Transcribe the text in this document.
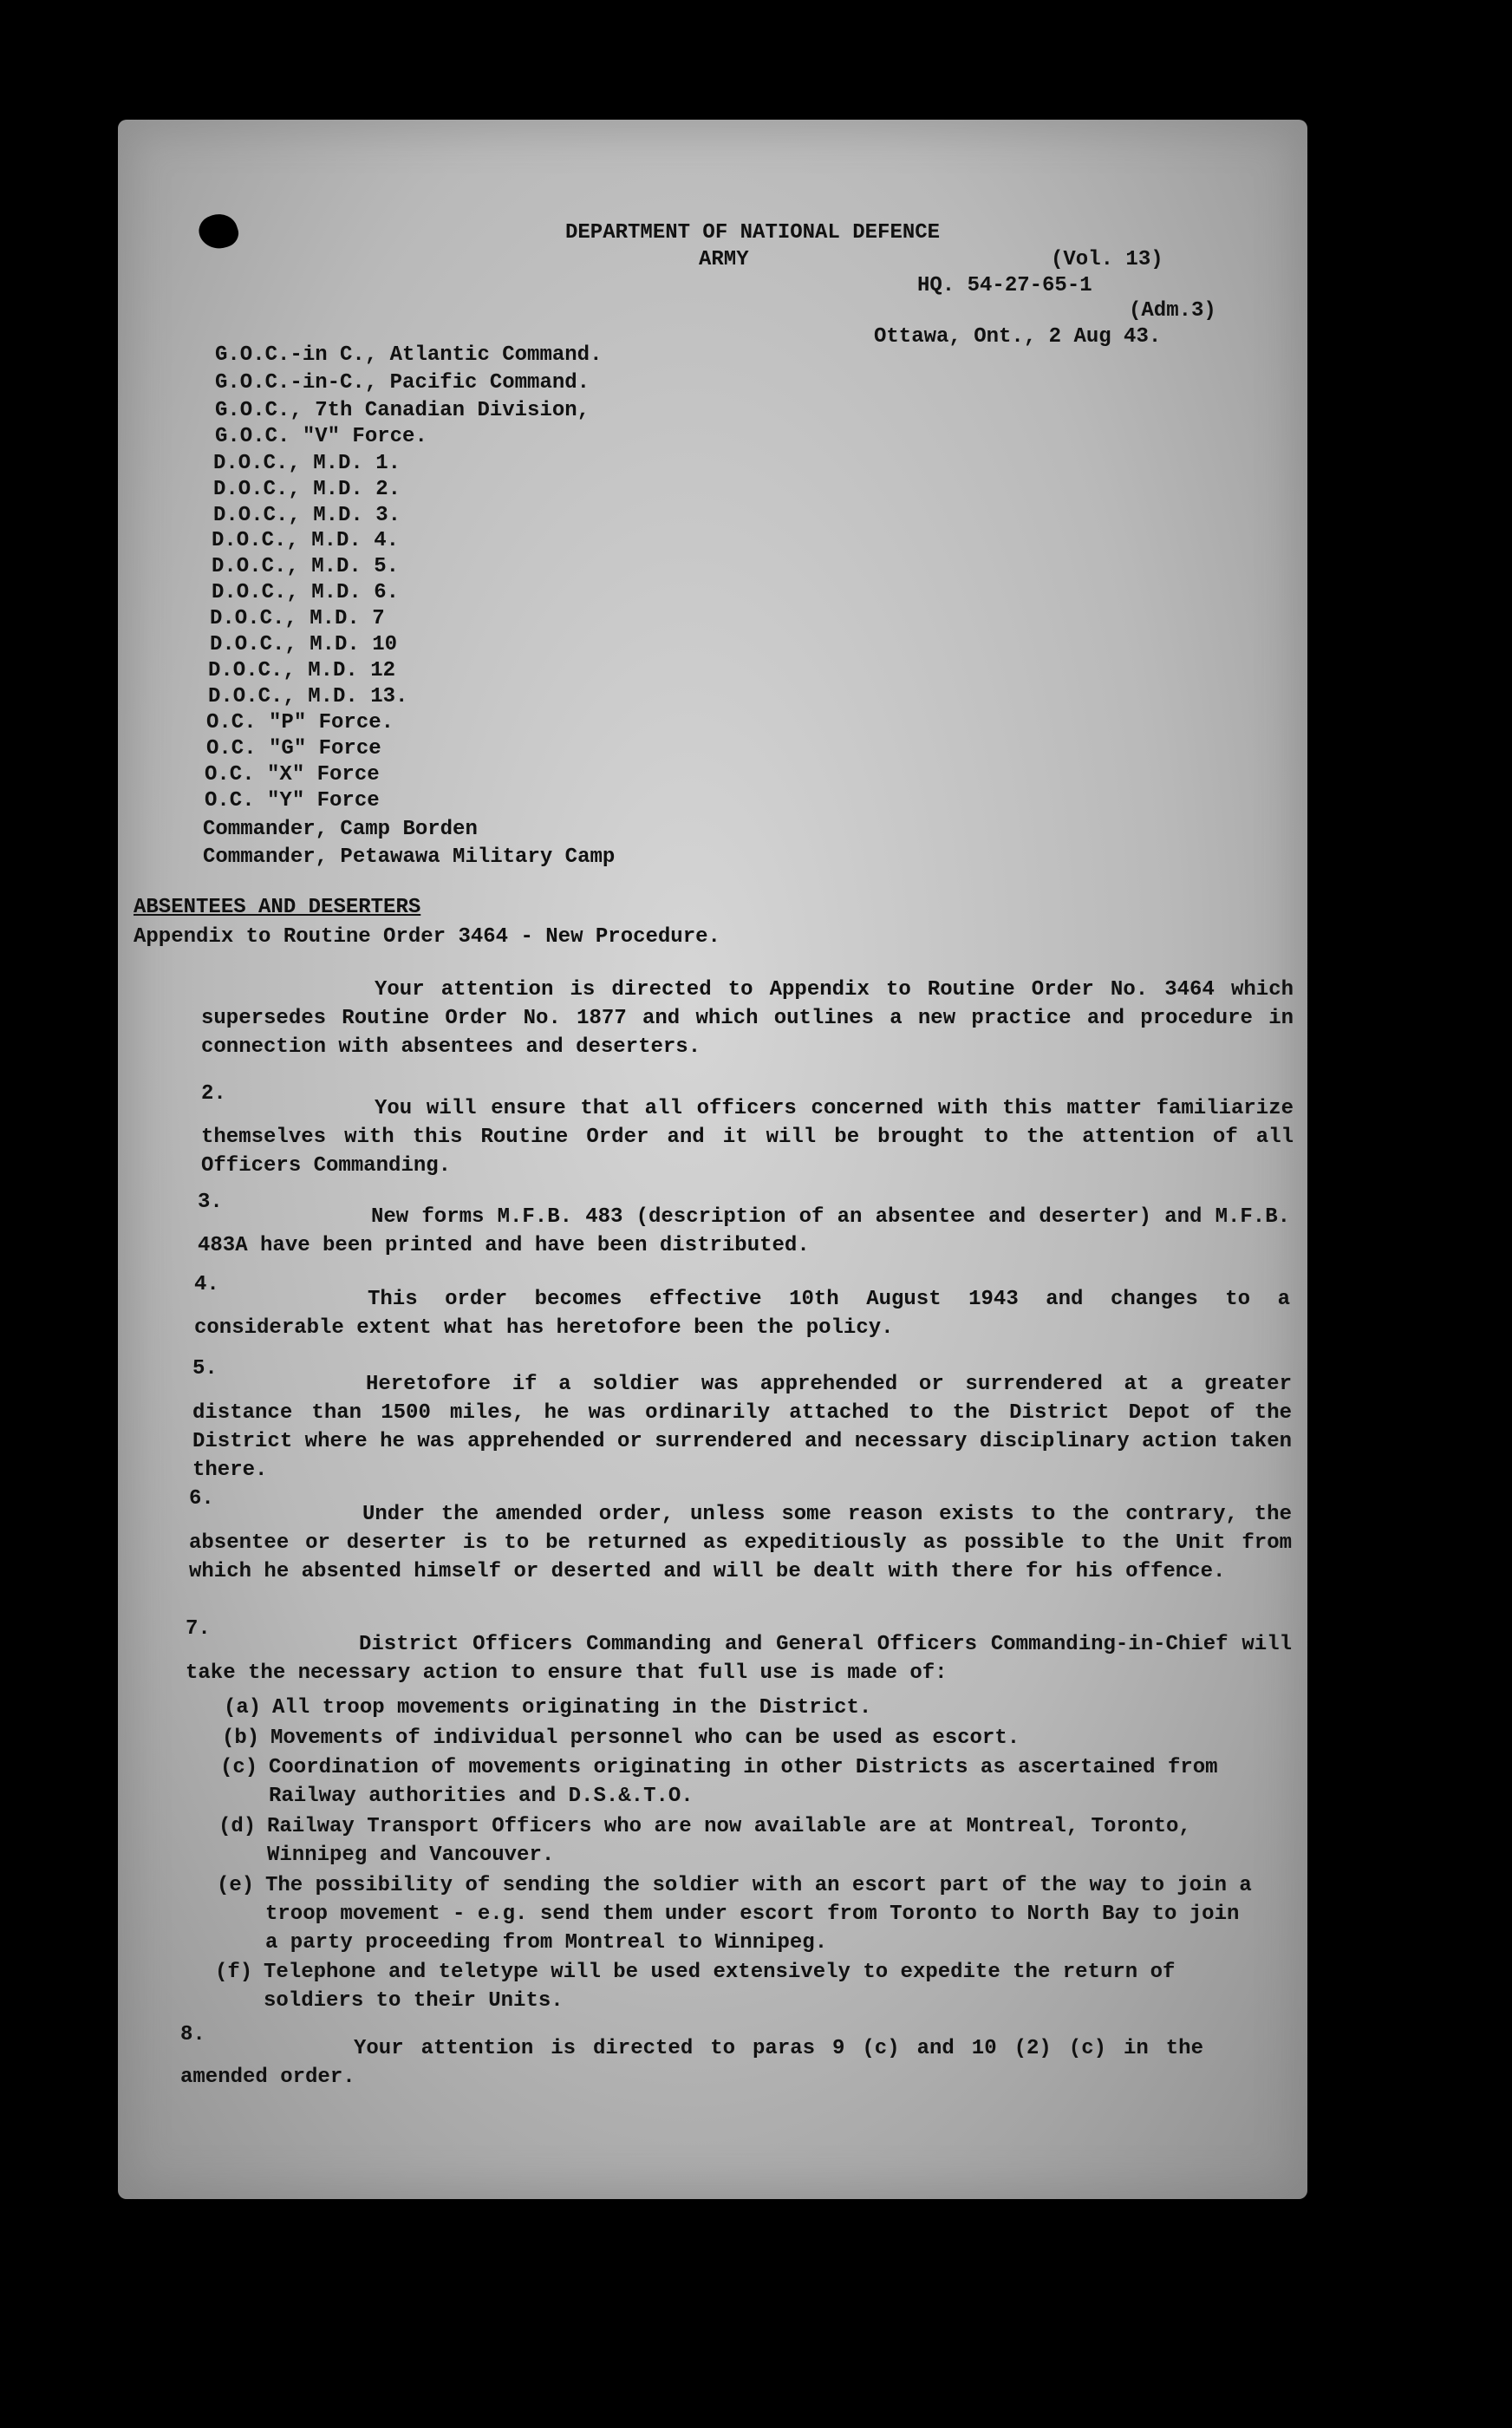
DEPARTMENT OF NATIONAL DEFENCE

ARMY	(Vol. 13)

HQ. 54-27-65-1

(Adm.3)

Ottawa, Ont., 2 Aug 43.

G.O.C.-in C., Atlantic Command.

G.O.C.-in-C., Pacific Command.

G.O.C., 7th Canadian Division,

G.O.C. "V" Force.

D.O.C., M.D. 1.

D.O.C., M.D. 2.

D.O.C., M.D. 3.

D.O.C., M.D. 4.

D.O.C., M.D. 5.

D.O.C., M.D. 6.

D.O.C., M.D. 7

D.O.C., M.D. 10

D.O.C., M.D. 12

D.O.C., M.D. 13.

O.C. "P" Force.

O.C. "G" Force

O.C. "X" Force

O.C. "Y" Force

Commander, Camp Borden

Commander, Petawawa Military Camp

ABSENTEES AND DESERTERS

Appendix to Routine Order 3464 - New Procedure.

Your attention is directed to Appendix to Routine Order No. 3464 which supersedes Routine Order No. 1877 and which outlines a new practice and procedure in connection with absentees and deserters.

2.

You will ensure that all officers concerned with this matter familiarize themselves with this Routine Order and it will be brought to the attention of all Officers Commanding.

3.

New forms M.F.B. 483 (description of an absentee and deserter) and M.F.B. 483A have been printed and have been distributed.

4.

This order becomes effective 10th August 1943 and changes to a considerable extent what has heretofore been the policy.

5.

Heretofore if a soldier was apprehended or surrendered at a greater distance than 1500 miles, he was ordinarily attached to the District Depot of the District where he was apprehended or surrendered and necessary disciplinary action taken there.

6.

Under the amended order, unless some reason exists to the contrary, the absentee or deserter is to be returned as expeditiously as possible to the Unit from which he absented himself or deserted and will be dealt with there for his offence.

7.

District Officers Commanding and General Officers Commanding-in-Chief will take the necessary action to ensure that full use is made of:

(a) All troop movements originating in the District.
(b) Movements of individual personnel who can be used as escort.
(c) Coordination of movements originating in other Districts as ascertained from Railway authorities and D.S.&.T.O.
(d) Railway Transport Officers who are now available are at Montreal, Toronto, Winnipeg and Vancouver.
(e) The possibility of sending the soldier with an escort part of the way to join a troop movement - e.g. send them under escort from Toronto to North Bay to join a party proceeding from Montreal to Winnipeg.
(f) Telephone and teletype will be used extensively to expedite the return of soldiers to their Units.

8.

Your attention is directed to paras 9 (c) and 10 (2) (c) in the amended order.
